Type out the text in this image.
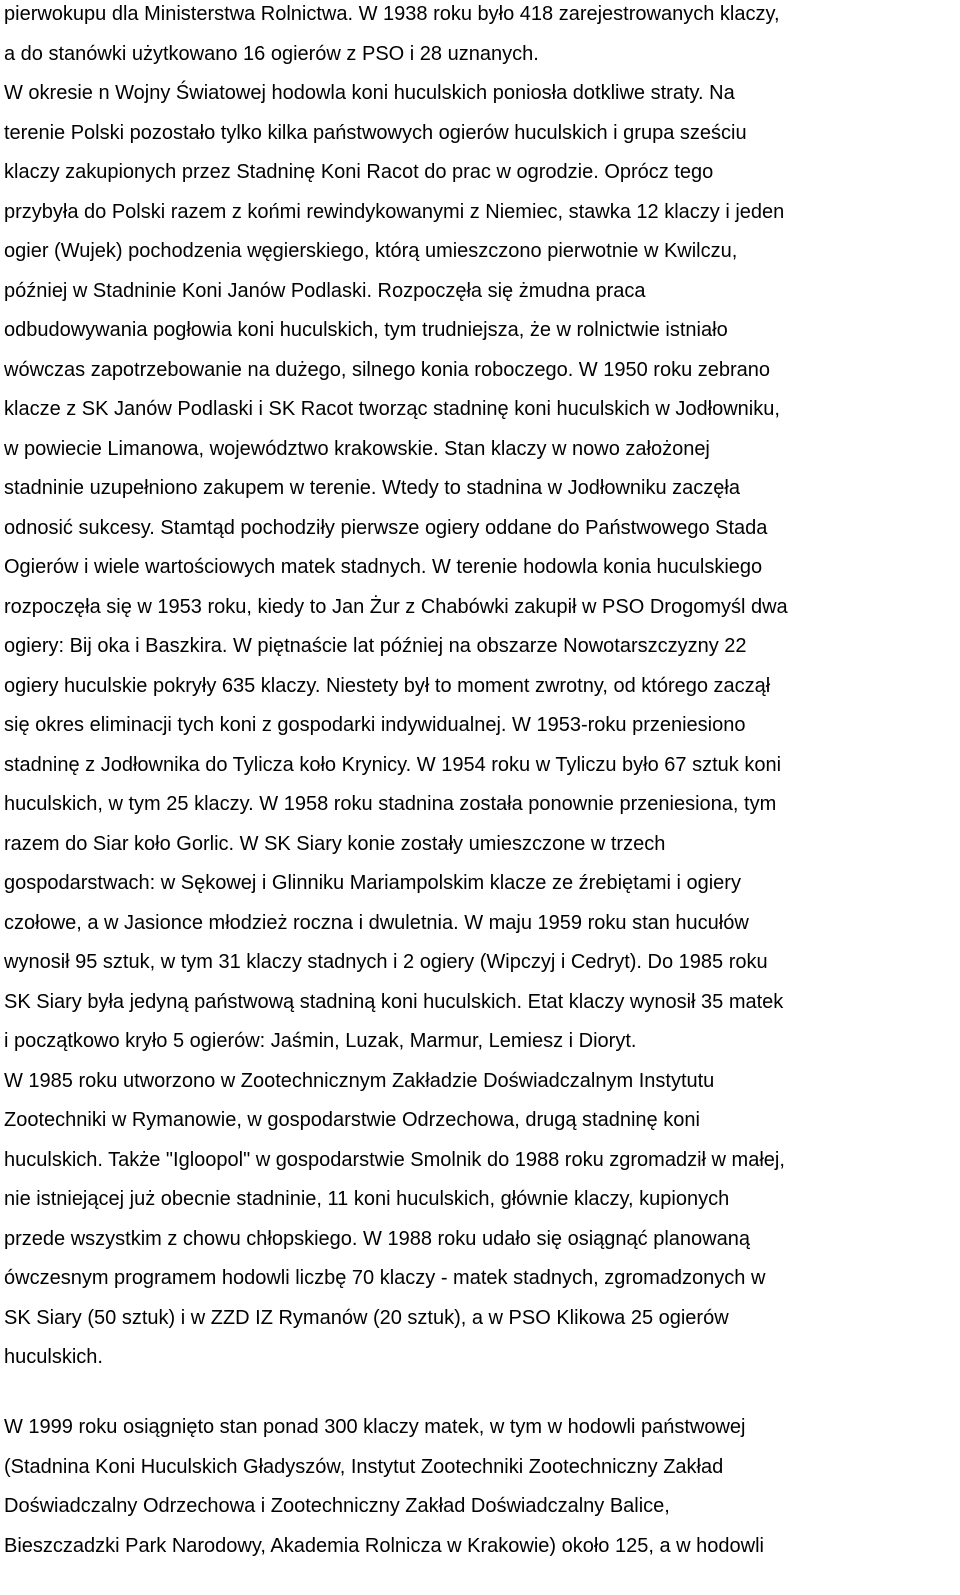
pierwokupu dla Ministerstwa Rolnictwa. W 1938 roku było 418 zarejestrowanych klaczy,
a do stanówki użytkowano 16 ogierów z PSO i 28 uznanych.
W okresie n Wojny Światowej hodowla koni huculskich poniosła dotkliwe straty. Na
terenie Polski pozostało tylko kilka państwowych ogierów huculskich i grupa sześciu
klaczy zakupionych przez Stadninę Koni Racot do prac w ogrodzie. Oprócz tego
przybyła do Polski razem z końmi rewindykowanymi z Niemiec, stawka 12 klaczy i jeden
ogier (Wujek) pochodzenia węgierskiego, którą umieszczono pierwotnie w Kwilczu,
później w Stadninie Koni Janów Podlaski. Rozpoczęła się żmudna praca
odbudowywania pogłowia koni huculskich, tym trudniejsza, że w rolnictwie istniało
wówczas zapotrzebowanie na dużego, silnego konia roboczego. W 1950 roku zebrano
klacze z SK Janów Podlaski i SK Racot tworząc stadninę koni huculskich w Jodłowniku,
w powiecie Limanowa, województwo krakowskie. Stan klaczy w nowo założonej
stadninie uzupełniono zakupem w terenie. Wtedy to stadnina w Jodłowniku zaczęła
odnosić sukcesy. Stamtąd pochodziły pierwsze ogiery oddane do Państwowego Stada
Ogierów i wiele wartościowych matek stadnych. W terenie hodowla konia huculskiego
rozpoczęła się w 1953 roku, kiedy to Jan Żur z Chabówki zakupił w PSO Drogomyśl dwa
ogiery: Bij oka i Baszkira. W piętnaście lat później na obszarze Nowotarszczyzny 22
ogiery huculskie pokryły 635 klaczy. Niestety był to moment zwrotny, od którego zaczął
się okres eliminacji tych koni z gospodarki indywidualnej. W 1953-roku przeniesiono
stadninę z Jodłownika do Tylicza koło Krynicy. W 1954 roku w Tyliczu było 67 sztuk koni
huculskich, w tym 25 klaczy. W 1958 roku stadnina została ponownie przeniesiona, tym
razem do Siar koło Gorlic. W SK Siary konie zostały umieszczone w trzech
gospodarstwach: w Sękowej i Glinniku Mariampolskim klacze ze źrebiętami i ogiery
czołowe, a w Jasionce młodzież roczna i dwuletnia. W maju 1959 roku stan hucułów
wynosił 95 sztuk, w tym 31 klaczy stadnych i 2 ogiery (Wipczyj i Cedryt). Do 1985 roku
SK Siary była jedyną państwową stadniną koni huculskich. Etat klaczy wynosił 35 matek
i początkowo kryło 5 ogierów: Jaśmin, Luzak, Marmur, Lemiesz i Dioryt.
W 1985 roku utworzono w Zootechnicznym Zakładzie Doświadczalnym Instytutu
Zootechniki w Rymanowie, w gospodarstwie Odrzechowa, drugą stadninę koni
huculskich. Także "Igloopol" w gospodarstwie Smolnik do 1988 roku zgromadził w małej,
nie istniejącej już obecnie stadninie, 11 koni huculskich, głównie klaczy, kupionych
przede wszystkim z chowu chłopskiego. W 1988 roku udało się osiągnąć planowaną
ówczesnym programem hodowli liczbę 70 klaczy - matek stadnych, zgromadzonych w
SK Siary (50 sztuk) i w ZZD IZ Rymanów (20 sztuk), a w PSO Klikowa 25 ogierów
huculskich.

W 1999 roku osiągnięto stan ponad 300 klaczy matek, w tym w hodowli państwowej
(Stadnina Koni Huculskich Gładyszów, Instytut Zootechniki Zootechniczny Zakład
Doświadczalny Odrzechowa i Zootechniczny Zakład Doświadczalny Balice,
Bieszczadzki Park Narodowy, Akademia Rolnicza w Krakowie) około 125, a w hodowli
